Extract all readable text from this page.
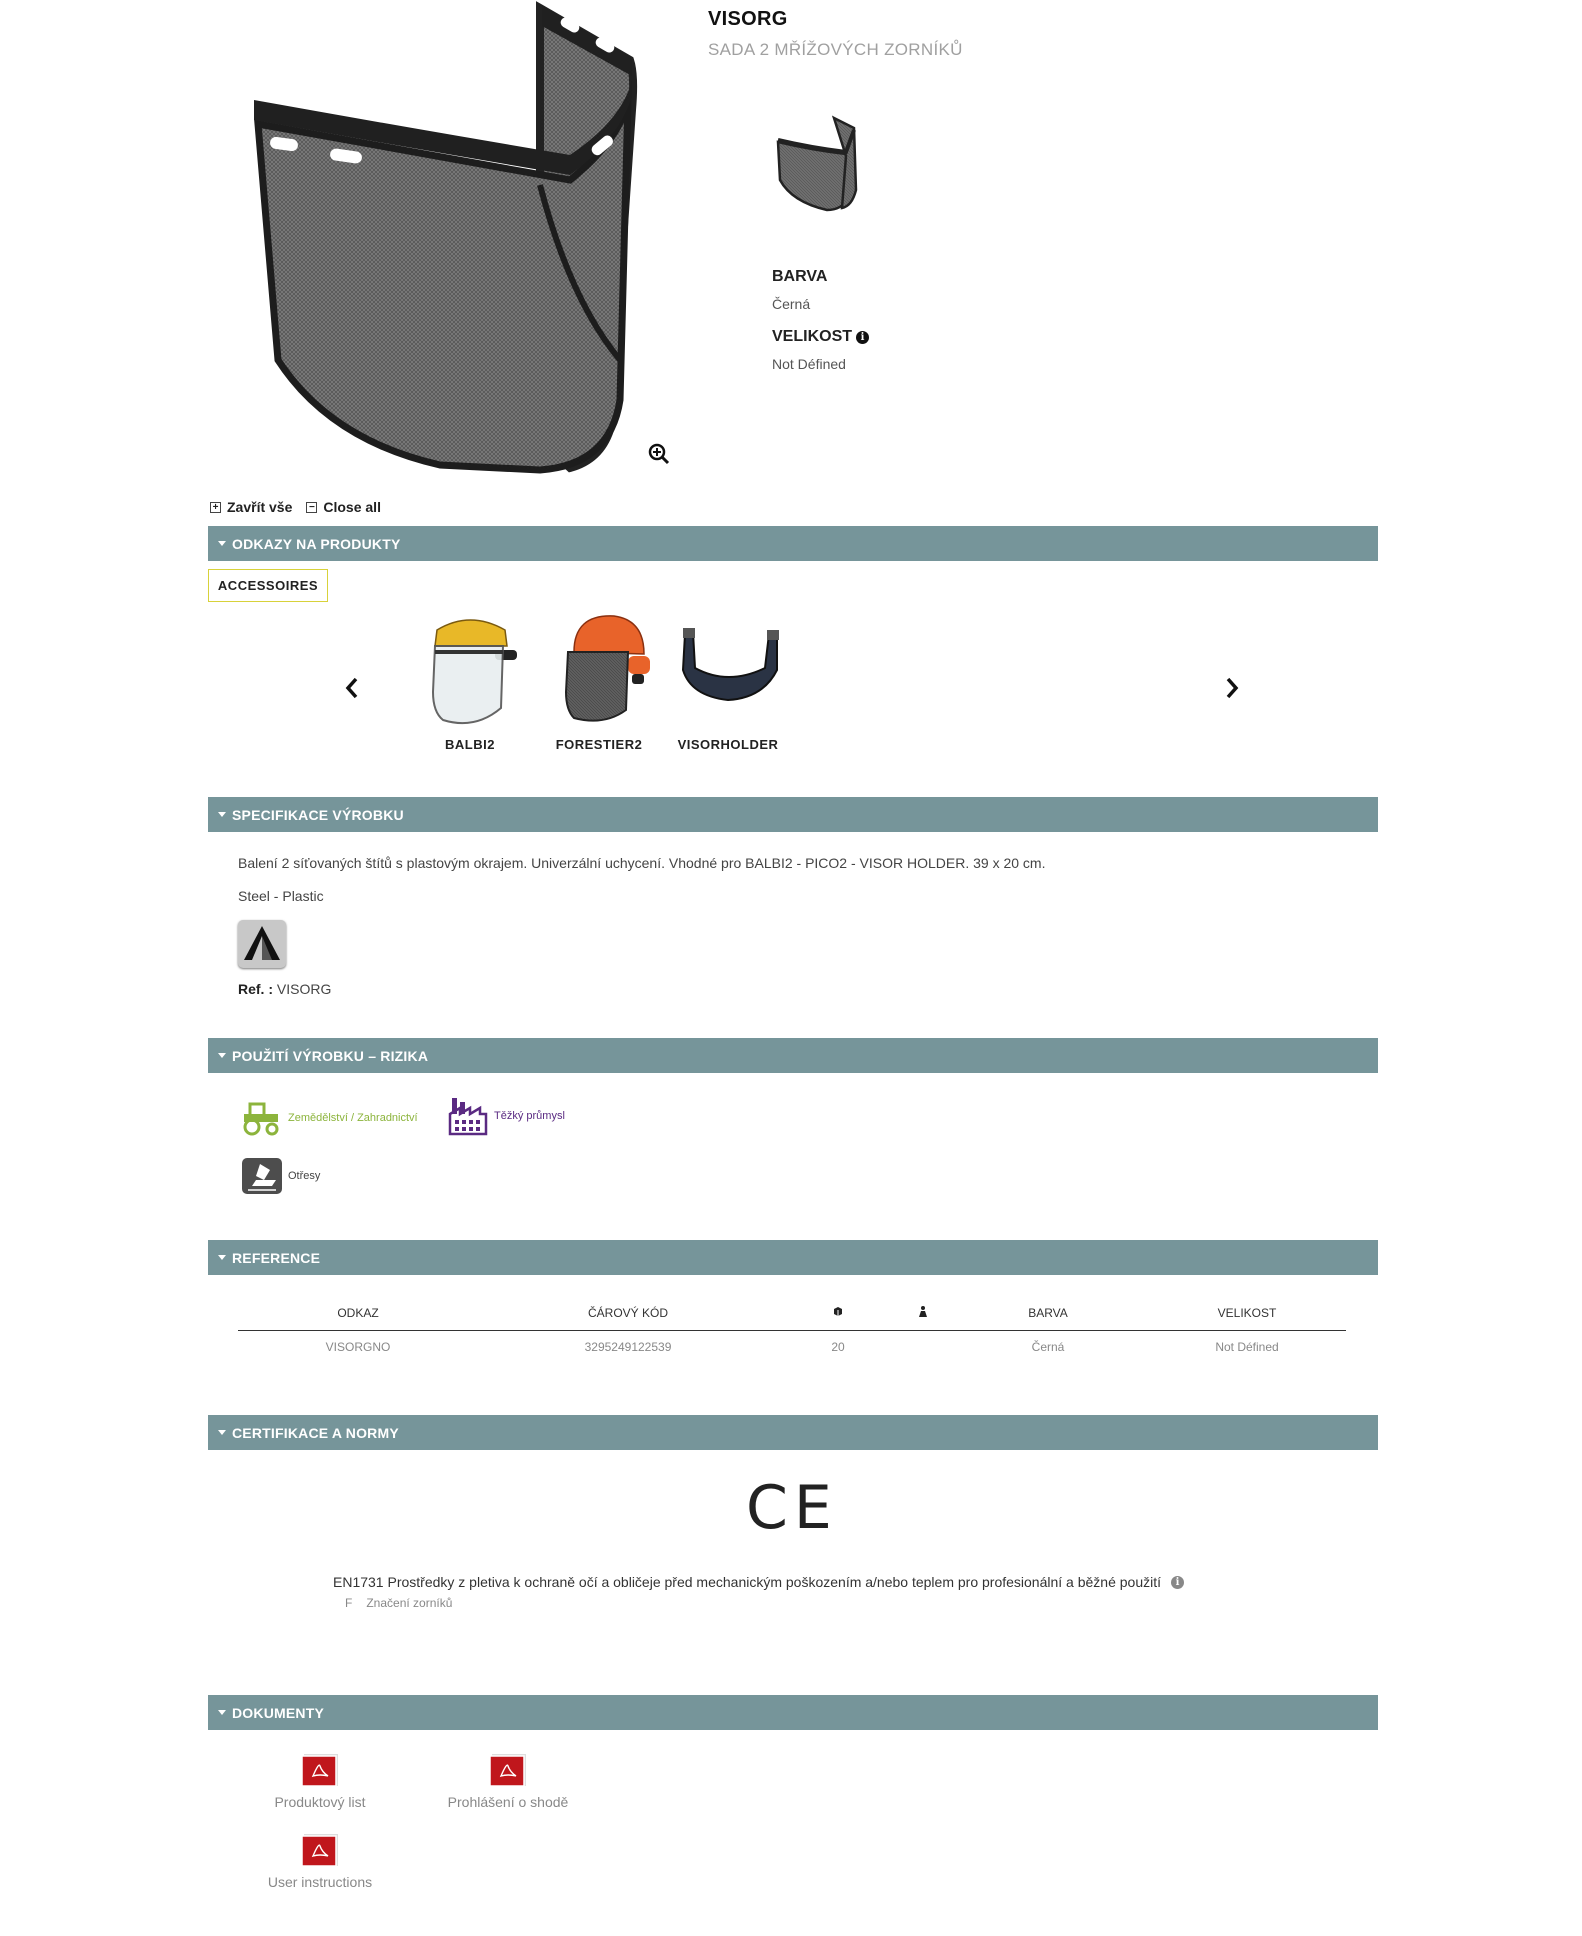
VISORG
SADA 2 MŘÍŽOVÝCH ZORNÍKŮ
BARVA
Černá
VELIKOST i
Not Défined
+ Zavřít vše − Close all
ODKAZY NA PRODUKTY
ACCESSOIRES
BALBI2	FORESTIER2	VISORHOLDER
SPECIFIKACE VÝROBKU
Balení 2 síťovaných štítů s plastovým okrajem. Univerzální uchycení. Vhodné pro BALBI2 - PICO2 - VISOR HOLDER. 39 x 20 cm.
Steel - Plastic
Ref. : VISORG
POUŽITÍ VÝROBKU – RIZIKA
Zemědělství / Zahradnictví	Těžký průmysl
Otřesy
REFERENCE
ODKAZ	ČÁROVÝ KÓD			BARVA	VELIKOST
VISORGNO	3295249122539	20		Černá	Not Défined
CERTIFIKACE A NORMY
CE
EN1731 Prostředky z pletiva k ochraně očí a obličeje před mechanickým poškozením a/nebo teplem pro profesionální a běžné použití	i
F Značení zorníků
DOKUMENTY
Produktový list	Prohlášení o shodě
User instructions
